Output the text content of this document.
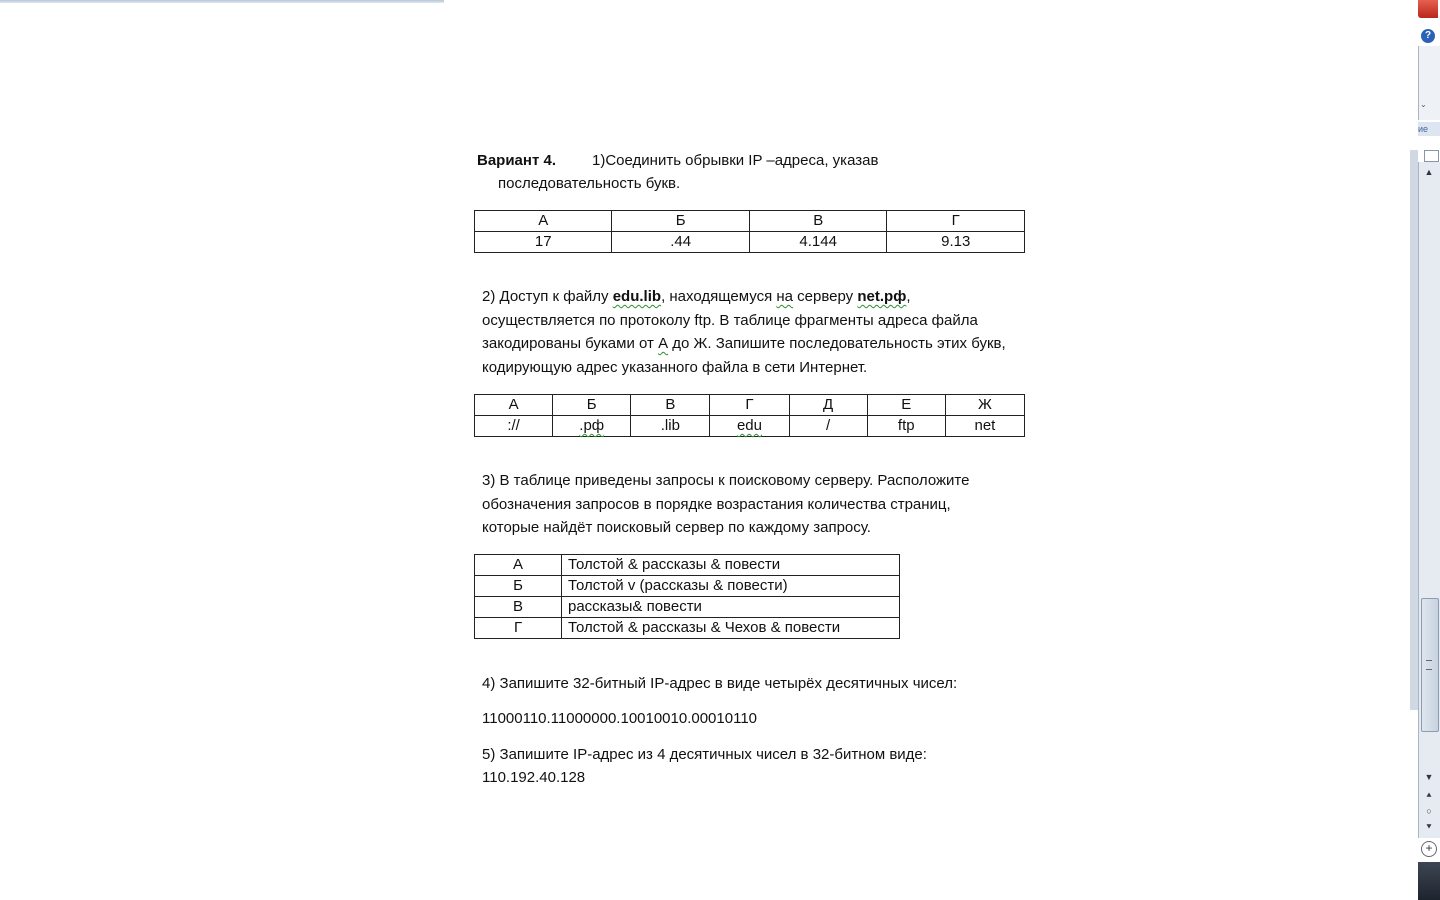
?
⌄
ие
▲
▼
⯅
○
⯆
+
Вариант 4. 1)Соединить обрывки IP –адреса, указав
последовательность букв.
А	Б	В	Г
17	.44	4.144	9.13
2) Доступ к файлу edu.lib, находящемуся на серверу net.рф,
осуществляется по протоколу ftp. В таблице фрагменты адреса файла
закодированы буками от А до Ж. Запишите последовательность этих букв,
кодирующую адрес указанного файла в сети Интернет.
А	Б	В	Г	Д	Е	Ж
://	.рф	.lib	edu	/	ftp	net
3) В таблице приведены запросы к поисковому серверу. Расположите
обозначения запросов в порядке возрастания количества страниц,
которые найдёт поисковый сервер по каждому запросу.
А	Толстой & рассказы & повести
Б	Толстой v (рассказы & повести)
В	рассказы& повести
Г	Толстой & рассказы & Чехов & повести
4) Запишите 32-битный IP-адрес в виде четырёх десятичных чисел:
11000110.11000000.10010010.00010110
5) Запишите IP-адрес из 4 десятичных чисел в 32-битном виде:
110.192.40.128
